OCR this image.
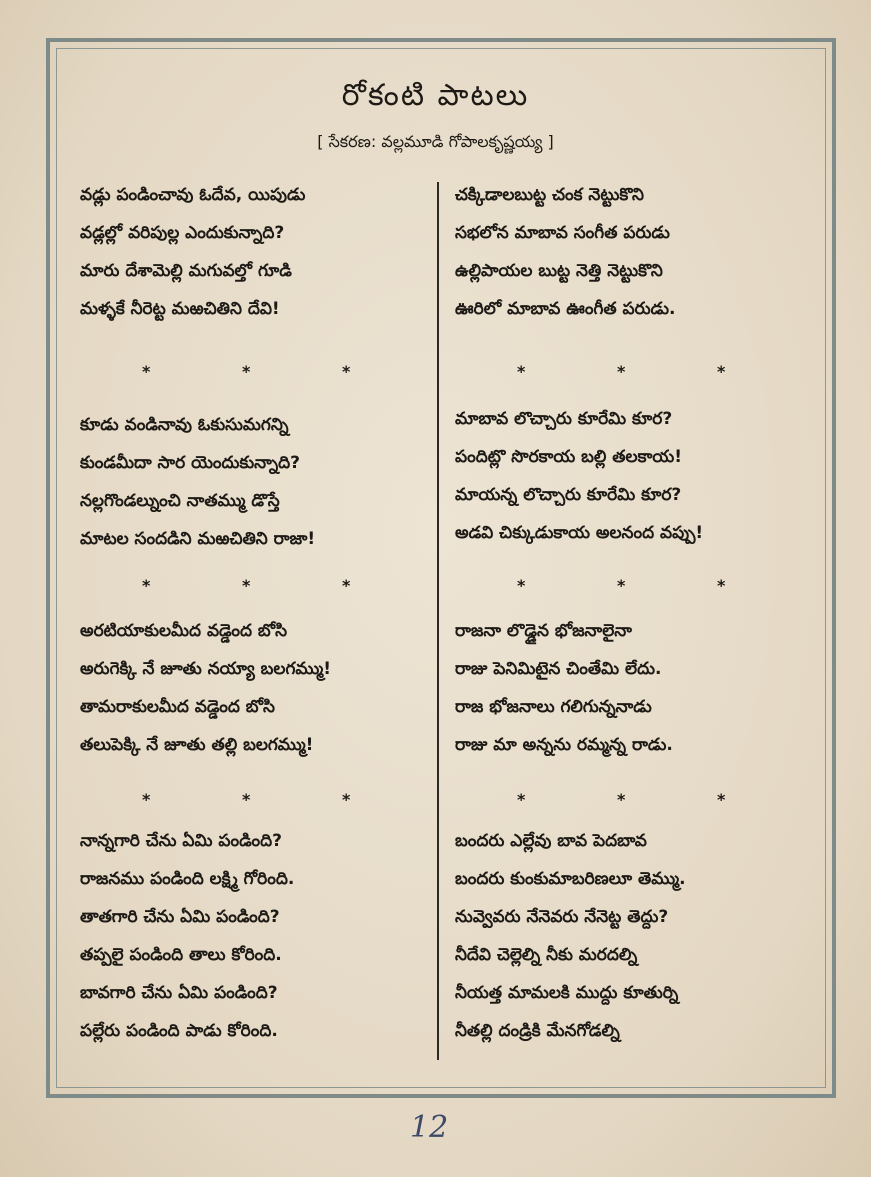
రోకంటి పాటలు
[ సేకరణ: వల్లమూడి గోపాలకృష్ణయ్య ]
వడ్లు పండించావు ఓదేవ, యిపుడు
వడ్లల్లో వరిపుల్ల ఎందుకున్నాది?
మారు దేశామెల్లి మగువల్తో గూడి
మళ్ళకే నీరెట్ట మఱచితిని దేవి!
*	*	*
కూడు వండినావు ఓకుసుమగన్ని
కుండమీదా సార యెందుకున్నాది?
నల్లగొండల్నుంచి నాతమ్ము డొస్తే
మాటల సందడిని మఱచితిని రాజా!
*	*	*
అరటియాకులమీద వడ్డెంద బోసి
అరుగెక్కి నే జూతు నయ్యా బలగమ్ము!
తామరాకులమీద వడ్డెంద బోసి
తలుపెక్కి నే జూతు తల్లి బలగమ్ము!
*	*	*
నాన్నగారి చేను ఏమి పండింది?
రాజనము పండింది లక్ష్మి గోరింది.
తాతగారి చేను ఏమి పండింది?
తప్పలై పండింది తాలు కోరింది.
బావగారి చేను ఏమి పండింది?
పల్లేరు పండింది పాడు కోరింది.
చక్కిడాలబుట్ట చంక నెట్టుకొని
సభలోన మాబావ సంగీత పరుడు
ఉల్లిపాయల బుట్ట నెత్తి నెట్టుకొని
ఊరిలో మాబావ ఊంగీత పరుడు.
*	*	*
మాబావ లొచ్చారు కూరేమి కూర?
పందిట్లొ సొరకాయ బల్లి తలకాయ!
మాయన్న లొచ్చారు కూరేమి కూర?
అడవి చిక్కుడుకాయ అలనంద వప్పు!
*	*	*
రాజనా లొడ్డైన భోజనాలైనా
రాజు పెనిమిటైన చింతేమి లేదు.
రాజ భోజనాలు గలిగున్ననాడు
రాజు మా అన్నను రమ్మన్న రాడు.
*	*	*
బందరు ఎల్లేవు బావ పెదబావ
బందరు కుంకుమాబరిణలూ తెమ్ము.
నువ్వెవరు నేనెవరు నేనెట్ట తెద్దు?
నీదేవి చెల్లెల్ని నీకు మరదల్ని
నీయత్త మామలకి ముద్దు కూతుర్ని
నీతల్లి దండ్రికి మేనగోడల్ని
12
